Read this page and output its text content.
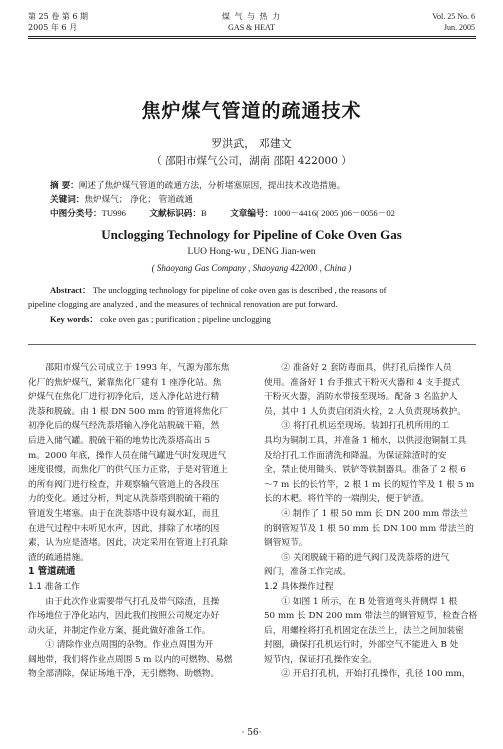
第 25 卷 第 6 期
2005 年 6 月
煤 气 与 热 力
GAS & HEAT
Vol. 25 No. 6
Jun. 2005
焦炉煤气管道的疏通技术
罗洪武， 邓建文
（ 邵阳市煤气公司，湖南 邵阳 422000 ）
摘 要：阐述了焦炉煤气管道的疏通方法，分析堵塞原因，提出技术改造措施。
关键词：焦炉煤气； 净化； 管道疏通
中图分类号：TU996	文献标识码：B	文章编号：1000－4416( 2005 )06－0056－02
Unclogging Technology for Pipeline of Coke Oven Gas
LUO Hong-wu , DENG Jian-wen
( Shaoyang Gas Company , Shaoyang 422000 , China )
Abstract： The unclogging technology for pipeline of coke oven gas is described , the reasons of
pipeline clogging are analyzed , and the measures of technical renovation are put forward.
Key words： coke oven gas ; purification ; pipeline unclogging
邵阳市煤气公司成立于 1993 年，气源为邵东焦
化厂的焦炉煤气，紧靠焦化厂建有 1 座净化站。焦
炉煤气在焦化厂进行初净化后，送入净化站进行精
洗萘和脱硫。由 1 根 DN 500 mm 的管道将焦化厂
初净化后的煤气经洗萘塔输入净化站脱硫干箱，然
后进入储气罐。脱硫干箱的地势比洗萘塔高出 5
m。2000 年底，操作人员在储气罐进气时发现进气
速度很慢，而焦化厂的供气压力正常，于是对管道上
的所有阀门进行检查，并观察输气管道上的各段压
力的变化。通过分析，判定从洗萘塔到脱硫干箱的
管道发生堵塞。由于在洗萘塔中设有凝水缸，而且
在进气过程中未听见水声，因此，排除了水堵的因
素，认为应是渣堵。因此，决定采用在管道上打孔除
渣的疏通措施。

1 管道疏通

1.1 准备工作

由于此次作业需要带气打孔及带气除渣，且操
作场地位于净化站内，因此我们按照公司规定办好
动火证，并制定作业方案，挺此做好准备工作。
① 清除作业点周围的杂物。作业点周围为开
阔地带，我们将作业点周围 5 m 以内的可燃物、易燃
物全部清除，保证场地干净，无引燃物、助燃物。
② 准备好 2 套防毒面具，供打孔后操作人员
使用。准备好 1 台手推式干粉灭火器和 4 支手提式
干粉灭火器，消防水带接至现场。配备 3 名监护人
员，其中 1 人负责启闭消火栓，2 人负责现场救护。
③ 将打孔机运至现场。装卸打孔机所用的工
具均为铜制工具，并准备 1 桶水，以供浸泡铜制工具
及给打孔工作面清洗和降温。为保证除渣时的安
全，禁止使用锄头、铁铲等铁制器具。准备了 2 根 6
～7 m 长的长竹竿，2 根 1 m 长的短竹竿及 1 根 5 m
长的木耙。将竹竿的一端削尖，便于铲渣。
④ 制作了 1 根 50 mm 长 DN 200 mm 带法兰
的钢管短节及 1 根 50 mm 长 DN 100 mm 带法兰的
钢管短节。
⑤ 关闭脱硫干箱的进气阀门及洗萘塔的进气
阀门，准备工作完成。

1.2 具体操作过程

① 如图 1 所示，在 B 处管道弯头背侧焊 1 根
50 mm 长 DN 200 mm 带法兰的钢管短节，检查合格
后，用螺栓将打孔机固定在法兰上，法兰之间加装密
封圈，确保打孔机运行时，外部空气不能进入 B 处
短节内，保证打孔操作安全。
② 开启打孔机，开始打孔操作，孔径 100 mm，
· 56·
